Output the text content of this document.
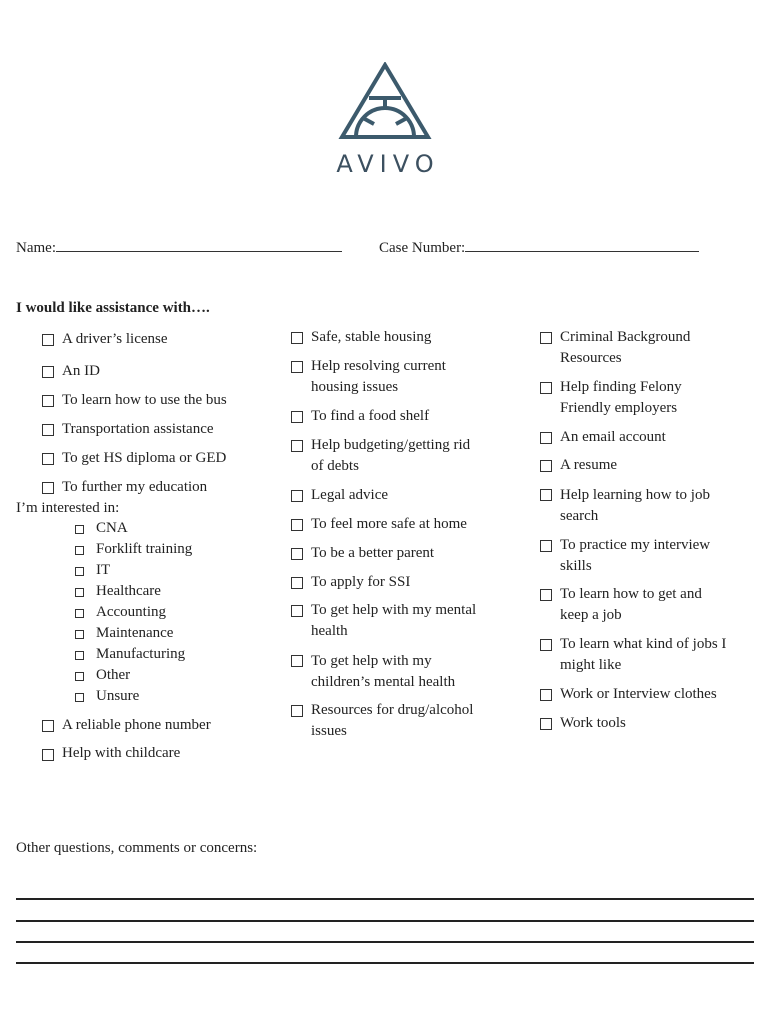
AVIVO
Name:	Case Number:
I would like assistance with….
A driver’s license
An ID
To learn how to use the bus
Transportation assistance
To get HS diploma or GED
To further my education
I’m interested in:
CNA
Forklift training
IT
Healthcare
Accounting
Maintenance
Manufacturing
Other
Unsure
A reliable phone number
Help with childcare
Safe, stable housing
Help resolving current
housing issues
To find a food shelf
Help budgeting/getting rid
of debts
Legal advice
To feel more safe at home
To be a better parent
To apply for SSI
To get help with my mental
health
To get help with my
children’s mental health
Resources for drug/alcohol
issues
Criminal Background
Resources
Help finding Felony
Friendly employers
An email account
A resume
Help learning how to job
search
To practice my interview
skills
To learn how to get and
keep a job
To learn what kind of jobs I
might like
Work or Interview clothes
Work tools
Other questions, comments or concerns:
